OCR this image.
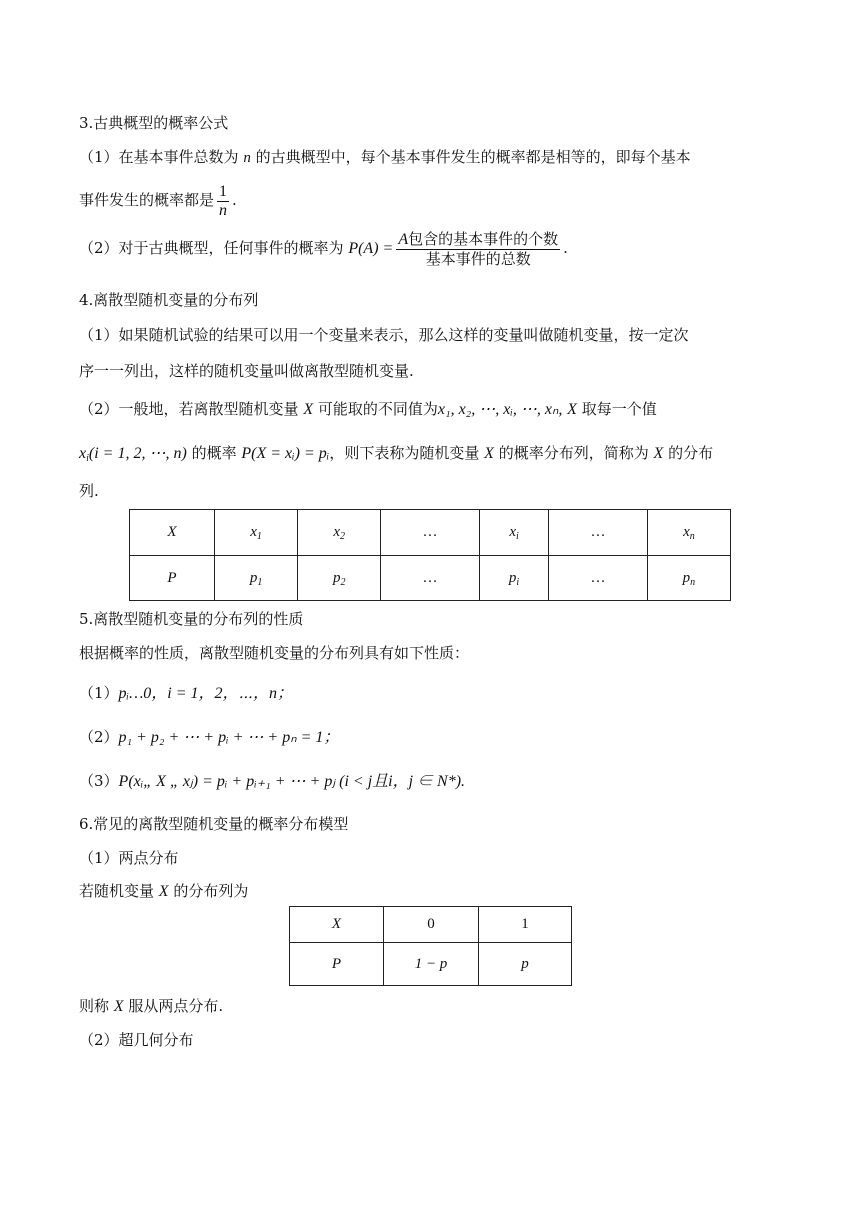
3.古典概型的概率公式
（1）在基本事件总数为 n 的古典概型中，每个基本事件发生的概率都是相等的，即每个基本
事件发生的概率都是 $\frac{1}{n}$ .
（2）对于古典概型，任何事件的概率为 $P(A) = \frac{\text{A包含的基本事件的个数}}{\text{基本事件的总数}}$ .
4.离散型随机变量的分布列
（1）如果随机试验的结果可以用一个变量来表示，那么这样的变量叫做随机变量，按一定次
序一一列出，这样的随机变量叫做离散型随机变量.
（2）一般地，若离散型随机变量 X 可能取的不同值为x₁, x₂, ⋯, xᵢ, ⋯, xₙ, X 取每一个值
$x_i(i = 1$, 2, ⋯, n) 的概率 P(X = xᵢ) = pᵢ，则下表称为随机变量 X 的概率分布列，简称为 X 的分布
列.
X	$x_1$	$x_2$	…	$x_i$	…	$x_n$
P	$p_1$	$p_2$	…	$p_i$	…	$p_n$
5.离散型随机变量的分布列的性质
根据概率的性质，离散型随机变量的分布列具有如下性质：
（1）pᵢ…0，i = 1，2，⋯，n；
（2）p₁ + p₂ + ⋯ + pᵢ + ⋯ + pₙ = 1；
（3）P(xᵢ„ X „ xⱼ) = pᵢ + pᵢ₊₁ + ⋯ + pⱼ (i < j且i，j ∈ N*).
6.常见的离散型随机变量的概率分布模型
（1）两点分布
若随机变量 X 的分布列为
X	0	1
P	1 − p	p
则称 X 服从两点分布.
（2）超几何分布
